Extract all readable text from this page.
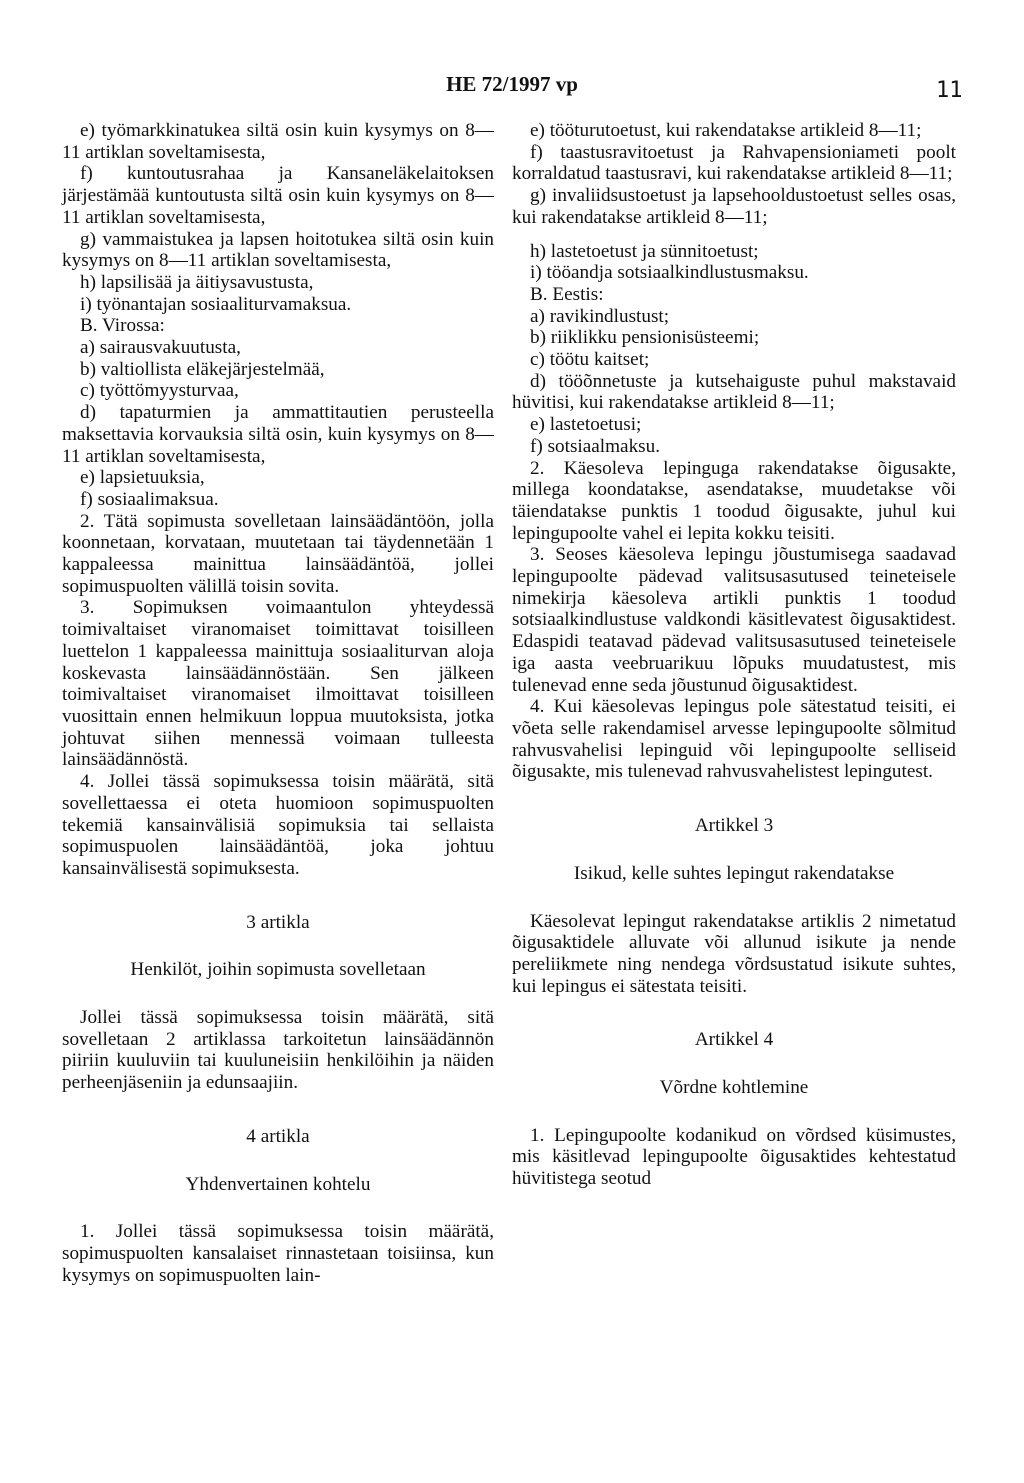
HE 72/1997 vp	11

e) työmarkkinatukea siltä osin kuin kysymys on 8—11 artiklan soveltamisesta,

f) kuntoutusrahaa ja Kansaneläkelaitoksen järjestämää kuntoutusta siltä osin kuin kysymys on 8—11 artiklan soveltamisesta,

g) vammaistukea ja lapsen hoitotukea siltä osin kuin kysymys on 8—11 artiklan soveltamisesta,

h) lapsilisää ja äitiysavustusta,

i) työnantajan sosiaaliturvamaksua.

B. Virossa:

a) sairausvakuutusta,

b) valtiollista eläkejärjestelmää,

c) työttömyysturvaa,

d) tapaturmien ja ammattitautien perusteella maksettavia korvauksia siltä osin, kuin kysymys on 8—11 artiklan soveltamisesta,

e) lapsietuuksia,

f) sosiaalimaksua.

2. Tätä sopimusta sovelletaan lainsäädäntöön, jolla koonnetaan, korvataan, muutetaan tai täydennetään 1 kappaleessa mainittua lainsäädäntöä, jollei sopimuspuolten välillä toisin sovita.

3. Sopimuksen voimaantulon yhteydessä toimivaltaiset viranomaiset toimittavat toisilleen luettelon 1 kappaleessa mainittuja sosiaaliturvan aloja koskevasta lainsäädännöstään. Sen jälkeen toimivaltaiset viranomaiset ilmoittavat toisilleen vuosittain ennen helmikuun loppua muutoksista, jotka johtuvat siihen mennessä voimaan tulleesta lainsäädännöstä.

4. Jollei tässä sopimuksessa toisin määrätä, sitä sovellettaessa ei oteta huomioon sopimuspuolten tekemiä kansainvälisiä sopimuksia tai sellaista sopimuspuolen lainsäädäntöä, joka johtuu kansainvälisestä sopimuksesta.

3 artikla

Henkilöt, joihin sopimusta sovelletaan

Jollei tässä sopimuksessa toisin määrätä, sitä sovelletaan 2 artiklassa tarkoitetun lainsäädännön piiriin kuuluviin tai kuuluneisiin henkilöihin ja näiden perheenjäseniin ja edunsaajiin.

4 artikla

Yhdenvertainen kohtelu

1. Jollei tässä sopimuksessa toisin määrätä, sopimuspuolten kansalaiset rinnastetaan toisiinsa, kun kysymys on sopimuspuolten lain-

e) tööturutoetust, kui rakendatakse artikleid 8—11;

f) taastusravitoetust ja Rahvapensioniameti poolt korraldatud taastusravi, kui rakendatakse artikleid 8—11;

g) invaliidsustoetust ja lapsehooldustoetust selles osas, kui rakendatakse artikleid 8—11;

h) lastetoetust ja sünnitoetust;

i) tööandja sotsiaalkindlustusmaksu.

B. Eestis:

a) ravikindlustust;

b) riiklikku pensionisüsteemi;

c) töötu kaitset;

d) tööõnnetuste ja kutsehaiguste puhul makstavaid hüvitisi, kui rakendatakse artikleid 8—11;

e) lastetoetusi;

f) sotsiaalmaksu.

2. Käesoleva lepinguga rakendatakse õigusakte, millega koondatakse, asendatakse, muudetakse või täiendatakse punktis 1 toodud õigusakte, juhul kui lepingupoolte vahel ei lepita kokku teisiti.

3. Seoses käesoleva lepingu jõustumisega saadavad lepingupoolte pädevad valitsusasutused teineteisele nimekirja käesoleva artikli punktis 1 toodud sotsiaalkindlustuse valdkondi käsitlevatest õigusaktidest. Edaspidi teatavad pädevad valitsusasutused teineteisele iga aasta veebruarikuu lõpuks muudatustest, mis tulenevad enne seda jõustunud õigusaktidest.

4. Kui käesolevas lepingus pole sätestatud teisiti, ei võeta selle rakendamisel arvesse lepingupoolte sõlmitud rahvusvahelisi lepinguid või lepingupoolte selliseid õigusakte, mis tulenevad rahvusvahelistest lepingutest.

Artikkel 3

Isikud, kelle suhtes lepingut rakendatakse

Käesolevat lepingut rakendatakse artiklis 2 nimetatud õigusaktidele alluvate või allunud isikute ja nende pereliikmete ning nendega võrdsustatud isikute suhtes, kui lepingus ei sätestata teisiti.

Artikkel 4

Võrdne kohtlemine

1. Lepingupoolte kodanikud on võrdsed küsimustes, mis käsitlevad lepingupoolte õigusaktides kehtestatud hüvitistega seotud
